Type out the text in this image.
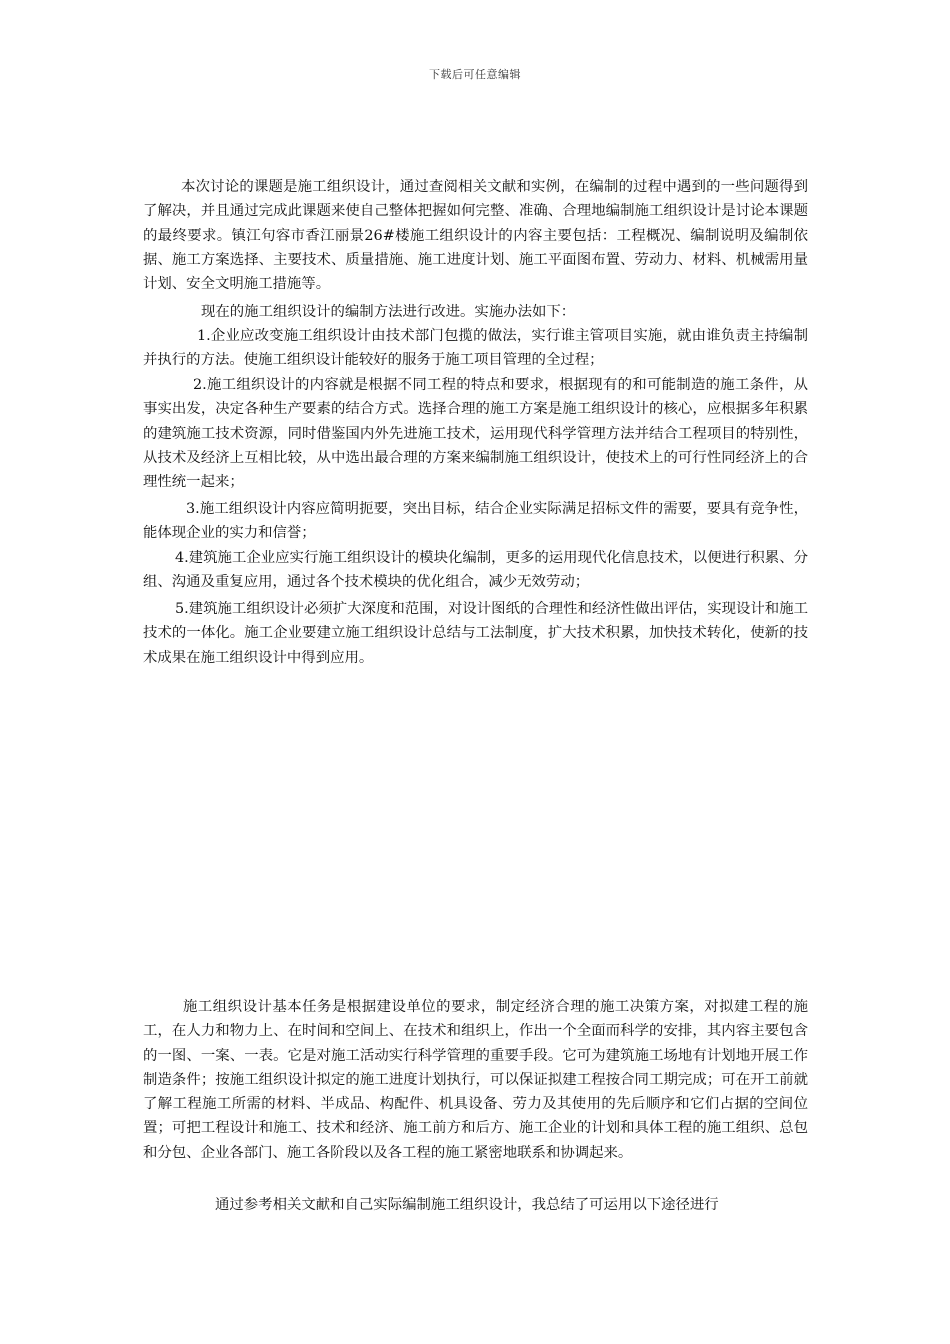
下载后可任意编辑

本次讨论的课题是施工组织设计，通过查阅相关文献和实例，在编制的过程中遇到的一些问题得到了解决，并且通过完成此课题来使自己整体把握如何完整、准确、合理地编制施工组织设计是讨论本课题的最终要求。镇江句容市香江丽景26#楼施工组织设计的内容主要包括：工程概况、编制说明及编制依据、施工方案选择、主要技术、质量措施、施工进度计划、施工平面图布置、劳动力、材料、机械需用量计划、安全文明施工措施等。

现在的施工组织设计的编制方法进行改进。实施办法如下：

1.企业应改变施工组织设计由技术部门包揽的做法，实行谁主管项目实施，就由谁负责主持编制并执行的方法。使施工组织设计能较好的服务于施工项目管理的全过程；

2.施工组织设计的内容就是根据不同工程的特点和要求，根据现有的和可能制造的施工条件，从事实出发，决定各种生产要素的结合方式。选择合理的施工方案是施工组织设计的核心，应根据多年积累的建筑施工技术资源，同时借鉴国内外先进施工技术，运用现代科学管理方法并结合工程项目的特别性，从技术及经济上互相比较，从中选出最合理的方案来编制施工组织设计，使技术上的可行性同经济上的合理性统一起来；

3.施工组织设计内容应简明扼要，突出目标，结合企业实际满足招标文件的需要，要具有竞争性，能体现企业的实力和信誉；

4.建筑施工企业应实行施工组织设计的模块化编制，更多的运用现代化信息技术，以便进行积累、分组、沟通及重复应用，通过各个技术模块的优化组合，减少无效劳动；

5.建筑施工组织设计必须扩大深度和范围，对设计图纸的合理性和经济性做出评估，实现设计和施工技术的一体化。施工企业要建立施工组织设计总结与工法制度，扩大技术积累，加快技术转化，使新的技术成果在施工组织设计中得到应用。

施工组织设计基本任务是根据建设单位的要求，制定经济合理的施工决策方案，对拟建工程的施工，在人力和物力上、在时间和空间上、在技术和组织上，作出一个全面而科学的安排，其内容主要包含的一图、一案、一表。它是对施工活动实行科学管理的重要手段。它可为建筑施工场地有计划地开展工作制造条件；按施工组织设计拟定的施工进度计划执行，可以保证拟建工程按合同工期完成；可在开工前就了解工程施工所需的材料、半成品、构配件、机具设备、劳力及其使用的先后顺序和它们占据的空间位置；可把工程设计和施工、技术和经济、施工前方和后方、施工企业的计划和具体工程的施工组织、总包和分包、企业各部门、施工各阶段以及各工程的施工紧密地联系和协调起来。

通过参考相关文献和自己实际编制施工组织设计，我总结了可运用以下途径进行
